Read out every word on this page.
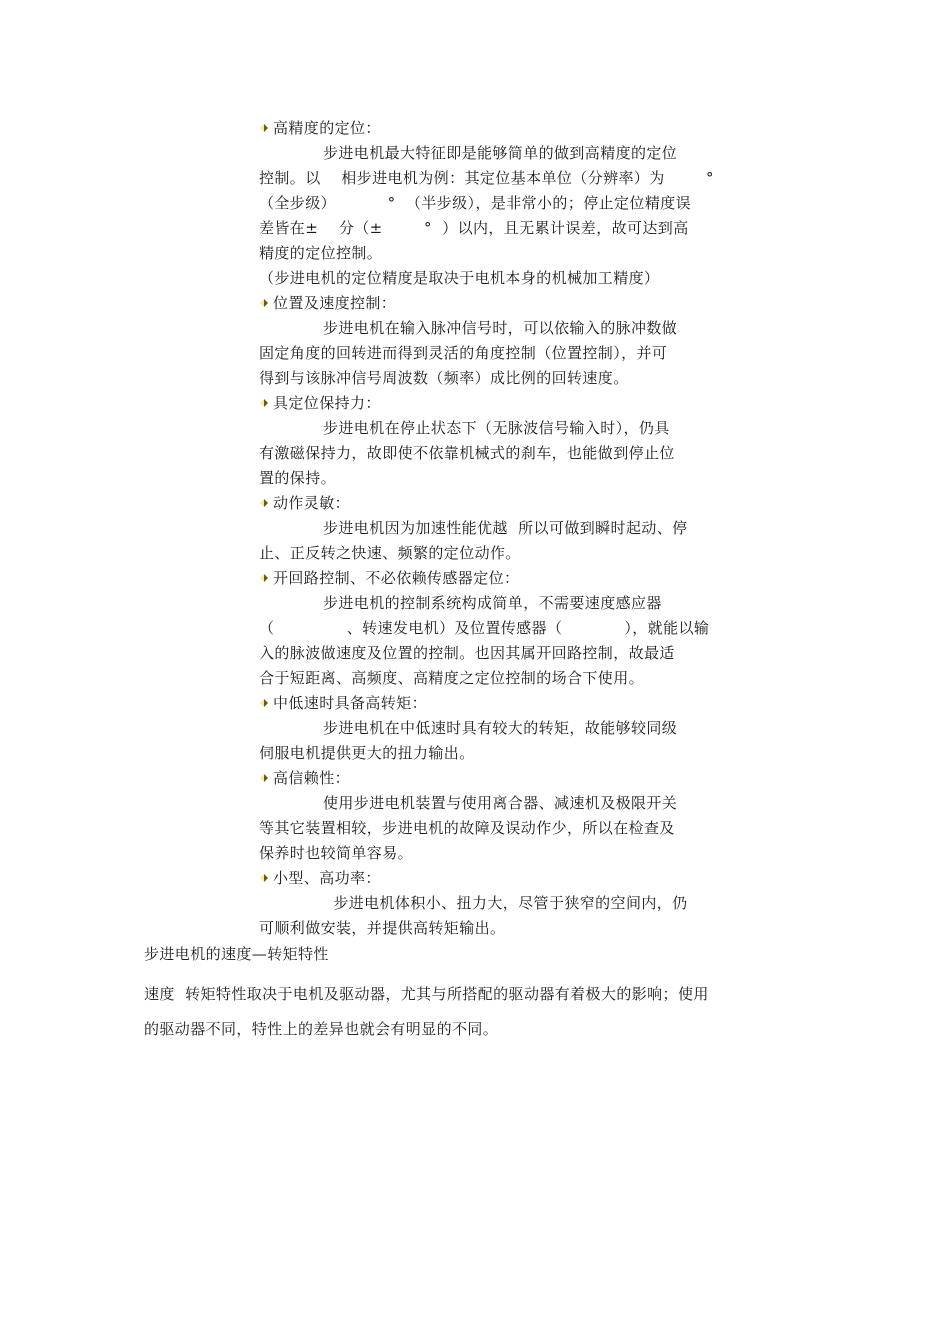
高精度的定位：
步进电机最大特征即是能够简单的做到高精度的定位
控制。以    相步进电机为例：其定位基本单位（分辨率）为        °
（全步级）          °  （半步级），是非常小的；停止定位精度误
差皆在±    分（±        °  ）以内，且无累计误差，故可达到高
精度的定位控制。
（步进电机的定位精度是取决于电机本身的机械加工精度）
位置及速度控制：
步进电机在输入脉冲信号时，可以依输入的脉冲数做
固定角度的回转进而得到灵活的角度控制（位置控制），并可
得到与该脉冲信号周波数（频率）成比例的回转速度。
具定位保持力：
步进电机在停止状态下（无脉波信号输入时），仍具
有激磁保持力，故即使不依靠机械式的刹车，也能做到停止位
置的保持。
动作灵敏：
步进电机因为加速性能优越  所以可做到瞬时起动、停
止、正反转之快速、频繁的定位动作。
开回路控制、不必依赖传感器定位：
步进电机的控制系统构成简单，不需要速度感应器
（              、转速发电机）及位置传感器（            ），就能以输
入的脉波做速度及位置的控制。也因其属开回路控制，故最适
合于短距离、高频度、高精度之定位控制的场合下使用。
中低速时具备高转矩：
步进电机在中低速时具有较大的转矩，故能够较同级
伺服电机提供更大的扭力输出。
高信赖性：
使用步进电机装置与使用离合器、减速机及极限开关
等其它装置相较，步进电机的故障及误动作少，所以在检查及
保养时也较简单容易。
小型、高功率：
步进电机体积小、扭力大，尽管于狭窄的空间内，仍
可顺利做安装，并提供高转矩输出。
步进电机的速度—转矩特性
速度  转矩特性取决于电机及驱动器，尤其与所搭配的驱动器有着极大的影响；使用
的驱动器不同，特性上的差异也就会有明显的不同。
